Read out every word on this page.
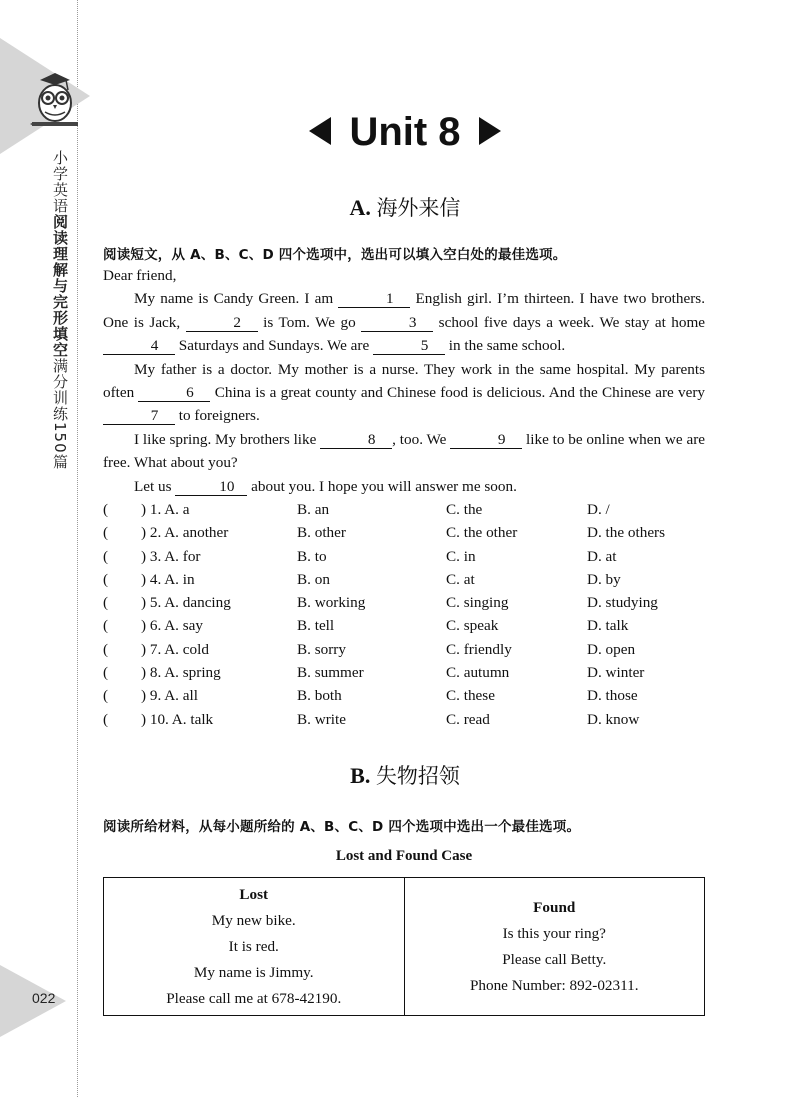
小学英语阅读理解与完形填空满分训练150篇
022
Unit 8
A. 海外来信
阅读短文，从 A、B、C、D 四个选项中，选出可以填入空白处的最佳选项。

Dear friend,

My name is Candy Green. I am	1 English girl. I’m thirteen. I have two brothers. One is Jack,	2 is Tom. We go	3 school five days a week. We stay at home 4 Saturdays and Sundays. We are	5 in the same school.

My father is a doctor. My mother is a nurse. They work in the same hospital. My parents often	6 China is a great county and Chinese food is delicious. And the Chinese are very 7 to foreigners.

I like spring. My brothers like	8 , too. We	9 like to be online when we are free. What about you?

Let us	10 about you. I hope you will answer me soon.

( ) 1. A. a	B. an	C. the	D. /
( ) 2. A. another	B. other	C. the other	D. the others
( ) 3. A. for	B. to	C. in	D. at
( ) 4. A. in	B. on	C. at	D. by
( ) 5. A. dancing	B. working	C. singing	D. studying
( ) 6. A. say	B. tell	C. speak	D. talk
( ) 7. A. cold	B. sorry	C. friendly	D. open
( ) 8. A. spring	B. summer	C. autumn	D. winter
( ) 9. A. all	B. both	C. these	D. those
( ) 10. A. talk	B. write	C. read	D. know
B. 失物招领
阅读所给材料，从每小题所给的 A、B、C、D 四个选项中选出一个最佳选项。
Lost and Found Case
Lost
My new bike.
It is red.
My name is Jimmy.
Please call me at 678-42190.
Found
Is this your ring?
Please call Betty.
Phone Number: 892-02311.
